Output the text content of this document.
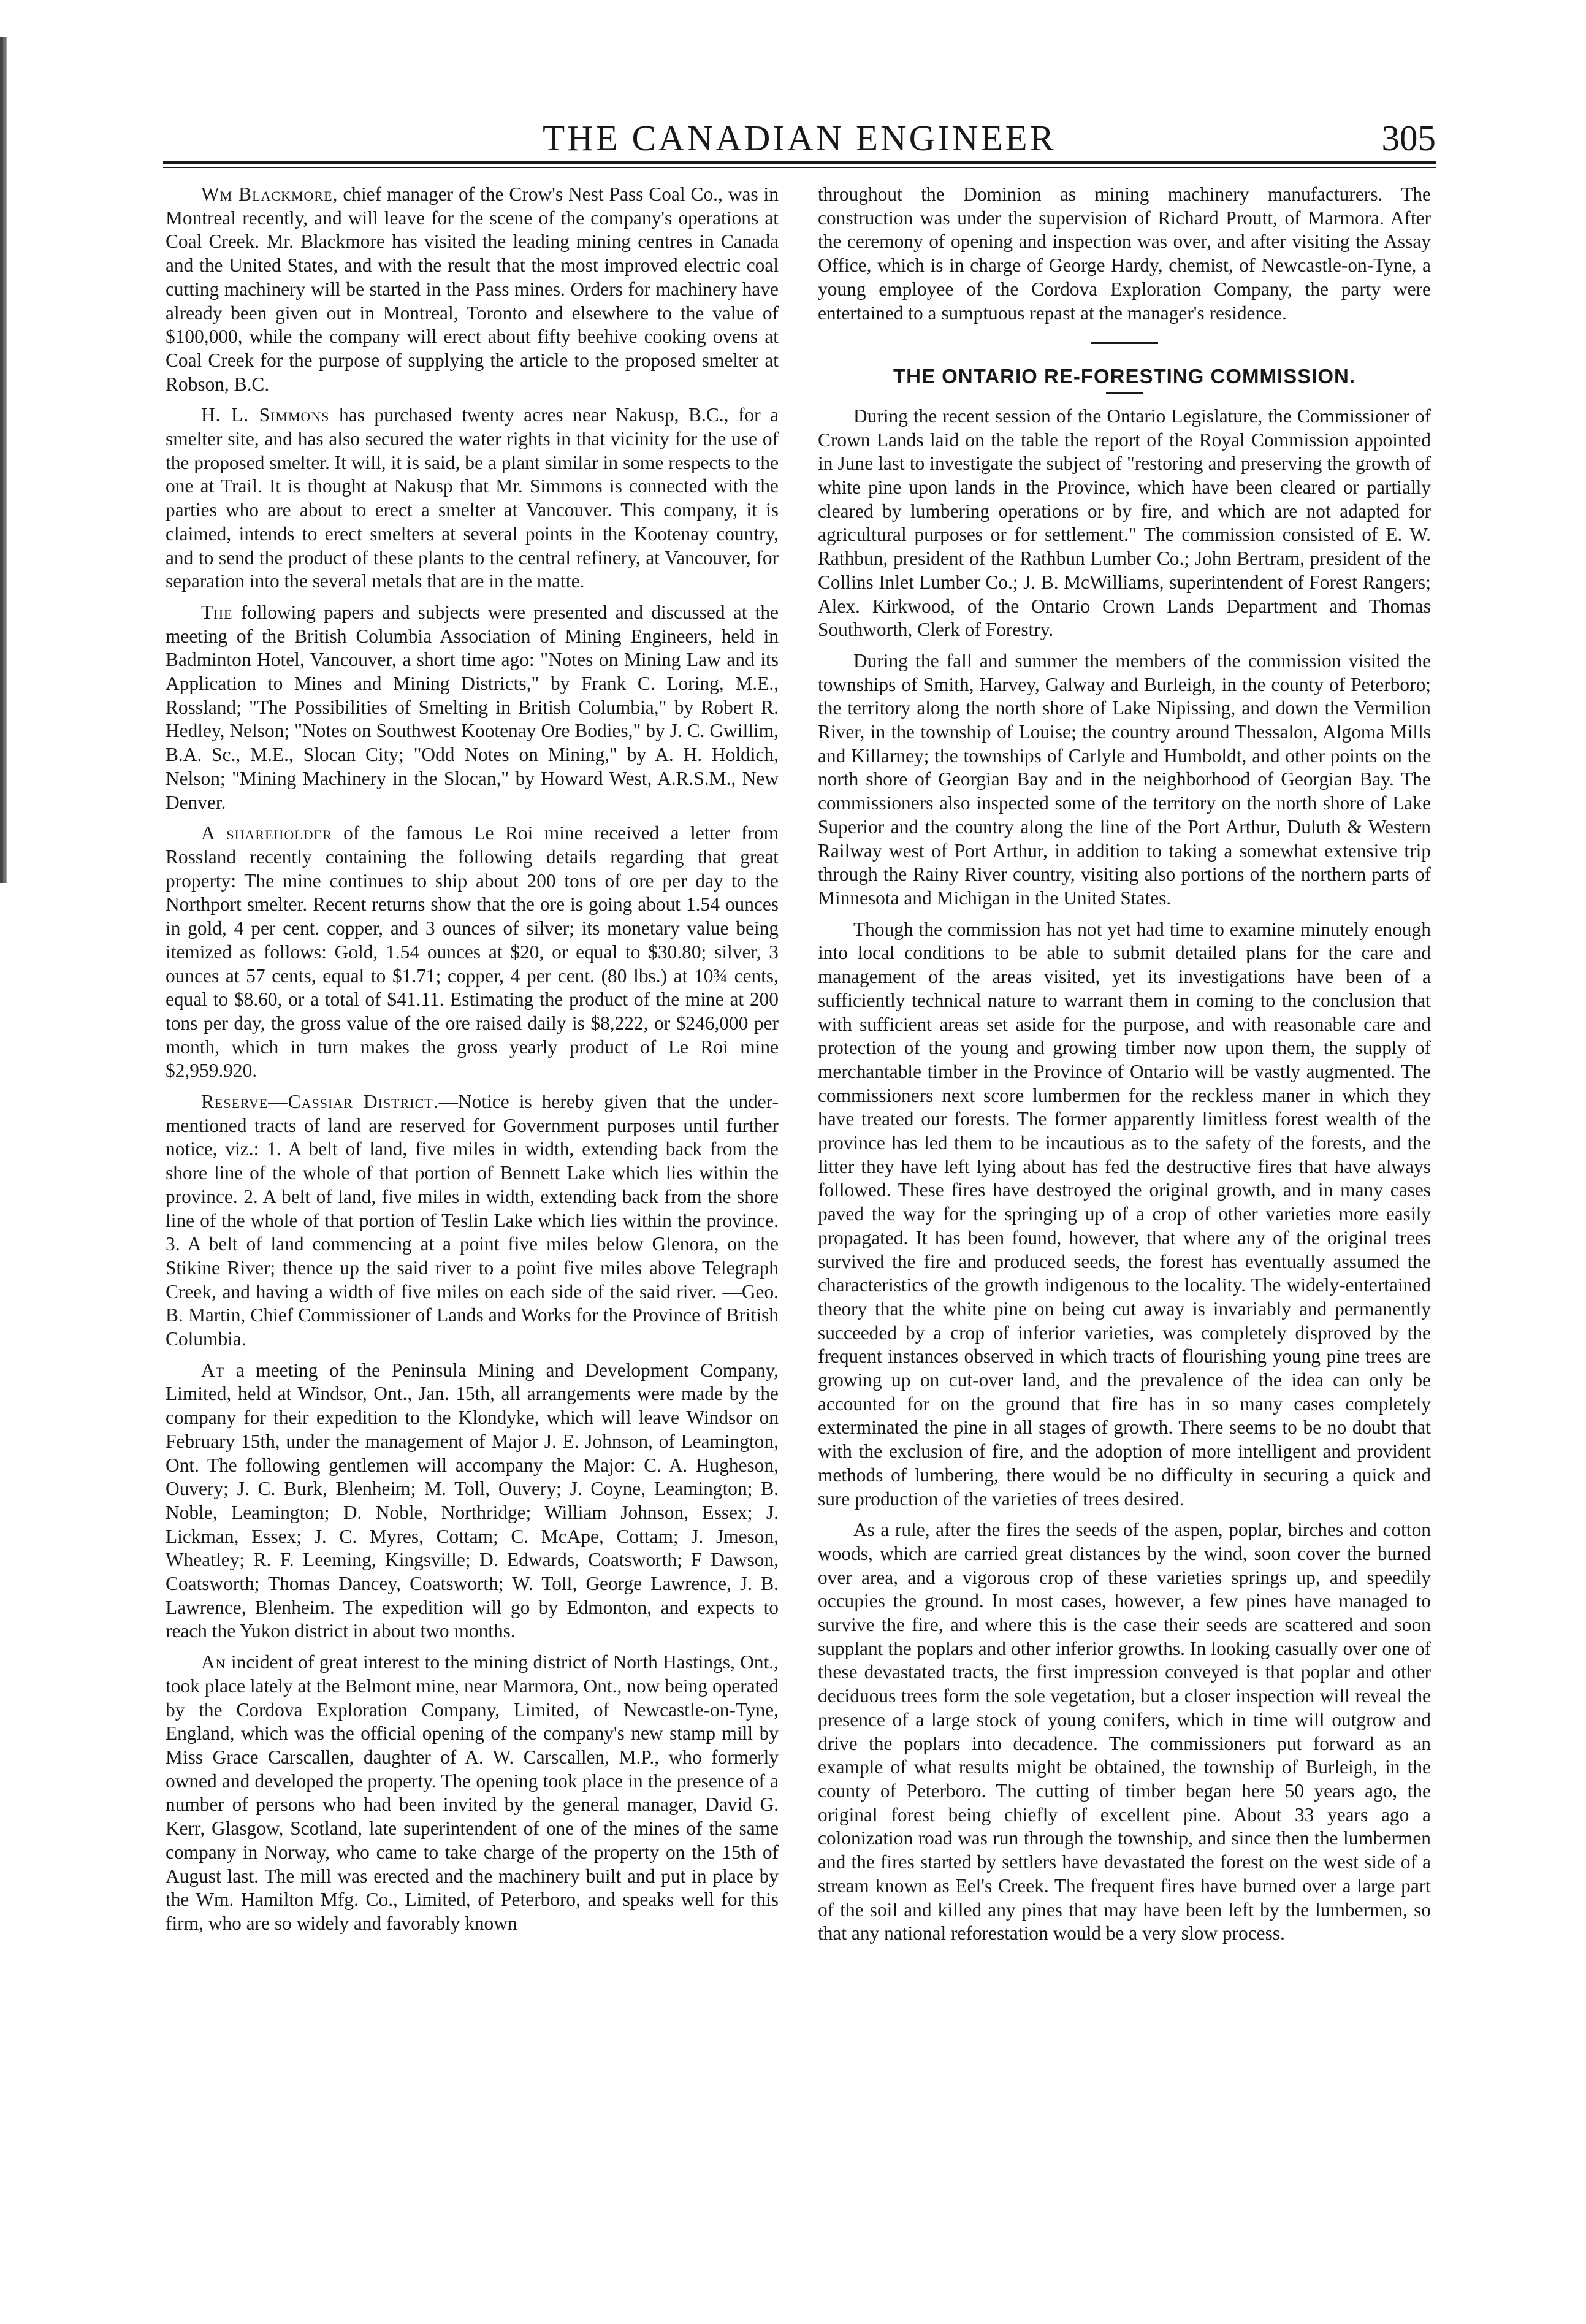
THE CANADIAN ENGINEER	305

Wm Blackmore, chief manager of the Crow's Nest Pass Coal Co., was in Montreal recently, and will leave for the scene of the company's operations at Coal Creek. Mr. Blackmore has visited the leading mining centres in Canada and the United States, and with the result that the most improved electric coal cutting machinery will be started in the Pass mines. Orders for machinery have already been given out in Montreal, Toronto and elsewhere to the value of $100,000, while the company will erect about fifty beehive cooking ovens at Coal Creek for the purpose of supplying the article to the proposed smelter at Robson, B.C.

H. L. Simmons has purchased twenty acres near Nakusp, B.C., for a smelter site, and has also secured the water rights in that vicinity for the use of the proposed smelter. It will, it is said, be a plant similar in some respects to the one at Trail. It is thought at Nakusp that Mr. Simmons is connected with the parties who are about to erect a smelter at Vancouver. This company, it is claimed, intends to erect smelters at several points in the Kootenay country, and to send the product of these plants to the central refinery, at Vancouver, for separation into the several metals that are in the matte.

The following papers and subjects were presented and discussed at the meeting of the British Columbia Association of Mining Engineers, held in Badminton Hotel, Vancouver, a short time ago: "Notes on Mining Law and its Application to Mines and Mining Districts," by Frank C. Loring, M.E., Rossland; "The Possibilities of Smelting in British Columbia," by Robert R. Hedley, Nelson; "Notes on Southwest Kootenay Ore Bodies," by J. C. Gwillim, B.A. Sc., M.E., Slocan City; "Odd Notes on Mining," by A. H. Holdich, Nelson; "Mining Machinery in the Slocan," by Howard West, A.R.S.M., New Denver.

A shareholder of the famous Le Roi mine received a letter from Rossland recently containing the following details regarding that great property: The mine continues to ship about 200 tons of ore per day to the Northport smelter. Recent returns show that the ore is going about 1.54 ounces in gold, 4 per cent. copper, and 3 ounces of silver; its monetary value being itemized as follows: Gold, 1.54 ounces at $20, or equal to $30.80; silver, 3 ounces at 57 cents, equal to $1.71; copper, 4 per cent. (80 lbs.) at 10¾ cents, equal to $8.60, or a total of $41.11. Estimating the product of the mine at 200 tons per day, the gross value of the ore raised daily is $8,222, or $246,000 per month, which in turn makes the gross yearly product of Le Roi mine $2,959.920.

Reserve—Cassiar District.—Notice is hereby given that the under-mentioned tracts of land are reserved for Government purposes until further notice, viz.: 1. A belt of land, five miles in width, extending back from the shore line of the whole of that portion of Bennett Lake which lies within the province. 2. A belt of land, five miles in width, extending back from the shore line of the whole of that portion of Teslin Lake which lies within the province. 3. A belt of land commencing at a point five miles below Glenora, on the Stikine River; thence up the said river to a point five miles above Telegraph Creek, and having a width of five miles on each side of the said river. —Geo. B. Martin, Chief Commissioner of Lands and Works for the Province of British Columbia.

At a meeting of the Peninsula Mining and Development Company, Limited, held at Windsor, Ont., Jan. 15th, all arrangements were made by the company for their expedition to the Klondyke, which will leave Windsor on February 15th, under the management of Major J. E. Johnson, of Leamington, Ont. The following gentlemen will accompany the Major: C. A. Hugheson, Ouvery; J. C. Burk, Blenheim; M. Toll, Ouvery; J. Coyne, Leamington; B. Noble, Leamington; D. Noble, Northridge; William Johnson, Essex; J. Lickman, Essex; J. C. Myres, Cottam; C. McApe, Cottam; J. Jmeson, Wheatley; R. F. Leeming, Kingsville; D. Edwards, Coatsworth; F Dawson, Coatsworth; Thomas Dancey, Coatsworth; W. Toll, George Lawrence, J. B. Lawrence, Blenheim. The expedition will go by Edmonton, and expects to reach the Yukon district in about two months.

An incident of great interest to the mining district of North Hastings, Ont., took place lately at the Belmont mine, near Marmora, Ont., now being operated by the Cordova Exploration Company, Limited, of Newcastle-on-Tyne, England, which was the official opening of the company's new stamp mill by Miss Grace Carscallen, daughter of A. W. Carscallen, M.P., who formerly owned and developed the property. The opening took place in the presence of a number of persons who had been invited by the general manager, David G. Kerr, Glasgow, Scotland, late superintendent of one of the mines of the same company in Norway, who came to take charge of the property on the 15th of August last. The mill was erected and the machinery built and put in place by the Wm. Hamilton Mfg. Co., Limited, of Peterboro, and speaks well for this firm, who are so widely and favorably known

throughout the Dominion as mining machinery manufacturers. The construction was under the supervision of Richard Proutt, of Marmora. After the ceremony of opening and inspection was over, and after visiting the Assay Office, which is in charge of George Hardy, chemist, of Newcastle-on-Tyne, a young employee of the Cordova Exploration Company, the party were entertained to a sumptuous repast at the manager's residence.

THE ONTARIO RE-FORESTING COMMISSION.

During the recent session of the Ontario Legislature, the Commissioner of Crown Lands laid on the table the report of the Royal Commission appointed in June last to investigate the subject of "restoring and preserving the growth of white pine upon lands in the Province, which have been cleared or partially cleared by lumbering operations or by fire, and which are not adapted for agricultural purposes or for settlement." The commission consisted of E. W. Rathbun, president of the Rathbun Lumber Co.; John Bertram, president of the Collins Inlet Lumber Co.; J. B. McWilliams, superintendent of Forest Rangers; Alex. Kirkwood, of the Ontario Crown Lands Department and Thomas Southworth, Clerk of Forestry.

During the fall and summer the members of the commission visited the townships of Smith, Harvey, Galway and Burleigh, in the county of Peterboro; the territory along the north shore of Lake Nipissing, and down the Vermilion River, in the township of Louise; the country around Thessalon, Algoma Mills and Killarney; the townships of Carlyle and Humboldt, and other points on the north shore of Georgian Bay and in the neighborhood of Georgian Bay. The commissioners also inspected some of the territory on the north shore of Lake Superior and the country along the line of the Port Arthur, Duluth & Western Railway west of Port Arthur, in addition to taking a somewhat extensive trip through the Rainy River country, visiting also portions of the northern parts of Minnesota and Michigan in the United States.

Though the commission has not yet had time to examine minutely enough into local conditions to be able to submit detailed plans for the care and management of the areas visited, yet its investigations have been of a sufficiently technical nature to warrant them in coming to the conclusion that with sufficient areas set aside for the purpose, and with reasonable care and protection of the young and growing timber now upon them, the supply of merchantable timber in the Province of Ontario will be vastly augmented. The commissioners next score lumbermen for the reckless maner in which they have treated our forests. The former apparently limitless forest wealth of the province has led them to be incautious as to the safety of the forests, and the litter they have left lying about has fed the destructive fires that have always followed. These fires have destroyed the original growth, and in many cases paved the way for the springing up of a crop of other varieties more easily propagated. It has been found, however, that where any of the original trees survived the fire and produced seeds, the forest has eventually assumed the characteristics of the growth indigenous to the locality. The widely-entertained theory that the white pine on being cut away is invariably and permanently succeeded by a crop of inferior varieties, was completely disproved by the frequent instances observed in which tracts of flourishing young pine trees are growing up on cut-over land, and the prevalence of the idea can only be accounted for on the ground that fire has in so many cases completely exterminated the pine in all stages of growth. There seems to be no doubt that with the exclusion of fire, and the adoption of more intelligent and provident methods of lumbering, there would be no difficulty in securing a quick and sure production of the varieties of trees desired.

As a rule, after the fires the seeds of the aspen, poplar, birches and cotton woods, which are carried great distances by the wind, soon cover the burned over area, and a vigorous crop of these varieties springs up, and speedily occupies the ground. In most cases, however, a few pines have managed to survive the fire, and where this is the case their seeds are scattered and soon supplant the poplars and other inferior growths. In looking casually over one of these devastated tracts, the first impression conveyed is that poplar and other deciduous trees form the sole vegetation, but a closer inspection will reveal the presence of a large stock of young conifers, which in time will outgrow and drive the poplars into decadence. The commissioners put forward as an example of what results might be obtained, the township of Burleigh, in the county of Peterboro. The cutting of timber began here 50 years ago, the original forest being chiefly of excellent pine. About 33 years ago a colonization road was run through the township, and since then the lumbermen and the fires started by settlers have devastated the forest on the west side of a stream known as Eel's Creek. The frequent fires have burned over a large part of the soil and killed any pines that may have been left by the lumbermen, so that any national reforestation would be a very slow process.
